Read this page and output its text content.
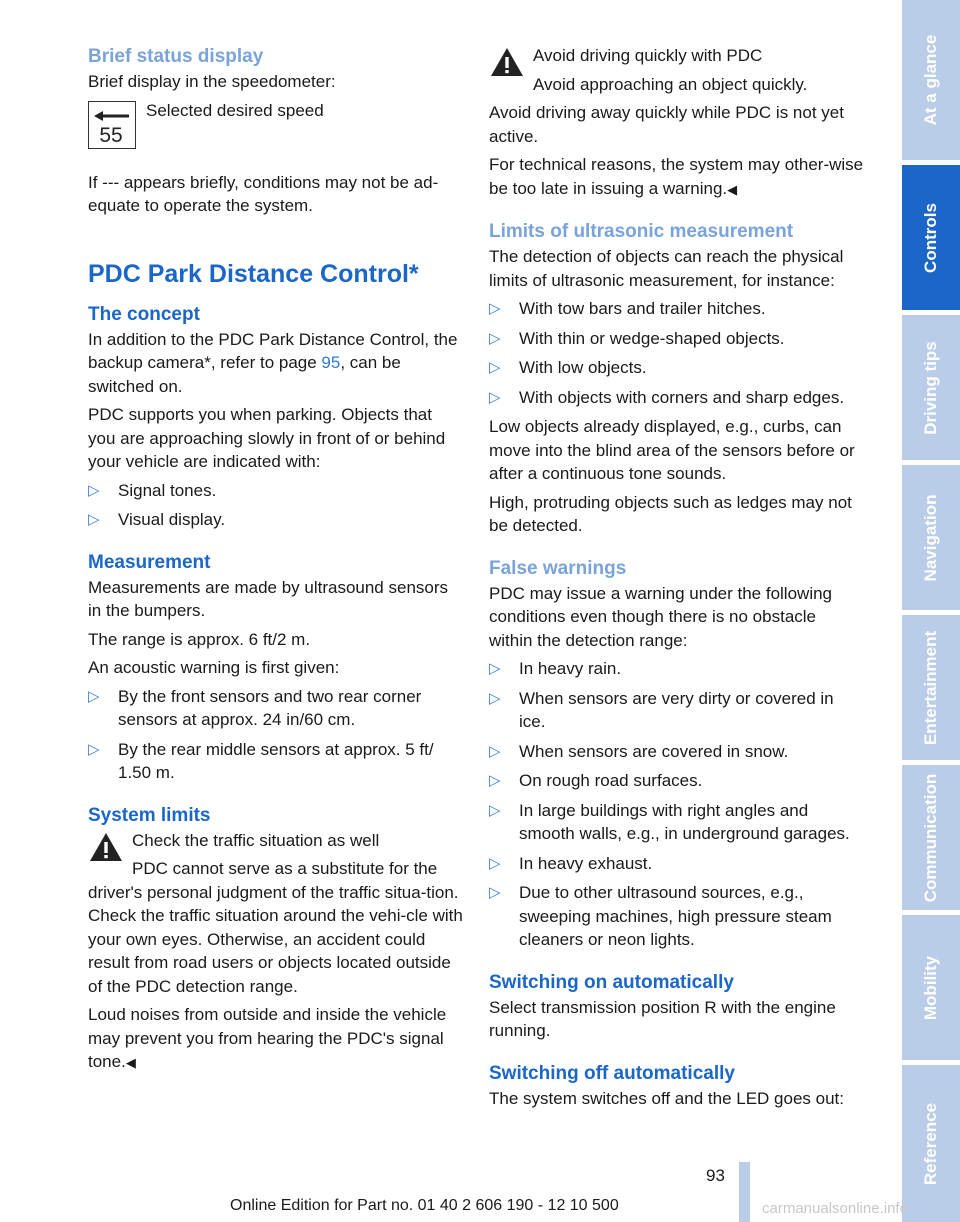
Brief status display

Brief display in the speedometer:

55

Selected desired speed

If --- appears briefly, conditions may not be ad-equate to operate the system.

PDC Park Distance Control*
The concept

In addition to the PDC Park Distance Control, the backup camera*, refer to page 95, can be switched on.

PDC supports you when parking. Objects that you are approaching slowly in front of or behind your vehicle are indicated with:

▷ Signal tones.
▷ Visual display.
Measurement

Measurements are made by ultrasound sensors in the bumpers.

The range is approx. 6 ft/2 m.

An acoustic warning is first given:

▷ By the front sensors and two rear corner sensors at approx. 24 in/60 cm.
▷ By the rear middle sensors at approx. 5 ft/ 1.50 m.
System limits

Check the traffic situation as well

PDC cannot serve as a substitute for the driver's personal judgment of the traffic situa-tion. Check the traffic situation around the vehi-cle with your own eyes. Otherwise, an accident could result from road users or objects located outside of the PDC detection range.

Loud noises from outside and inside the vehicle may prevent you from hearing the PDC's signal tone.◀

Avoid driving quickly with PDC

Avoid approaching an object quickly.

Avoid driving away quickly while PDC is not yet active.

For technical reasons, the system may other-wise be too late in issuing a warning.◀

Limits of ultrasonic measurement

The detection of objects can reach the physical limits of ultrasonic measurement, for instance:

▷ With tow bars and trailer hitches.
▷ With thin or wedge-shaped objects.
▷ With low objects.
▷ With objects with corners and sharp edges.

Low objects already displayed, e.g., curbs, can move into the blind area of the sensors before or after a continuous tone sounds.

High, protruding objects such as ledges may not be detected.

False warnings

PDC may issue a warning under the following conditions even though there is no obstacle within the detection range:

▷ In heavy rain.
▷ When sensors are very dirty or covered in ice.
▷ When sensors are covered in snow.
▷ On rough road surfaces.
▷ In large buildings with right angles and smooth walls, e.g., in underground garages.
▷ In heavy exhaust.
▷ Due to other ultrasound sources, e.g., sweeping machines, high pressure steam cleaners or neon lights.
Switching on automatically

Select transmission position R with the engine running.

Switching off automatically

The system switches off and the LED goes out:

At a glance
Controls
Driving tips
Navigation
Entertainment
Communication
Mobility
Reference
93
Online Edition for Part no. 01 40 2 606 190 - 12 10 500	carmanualsonline.info
